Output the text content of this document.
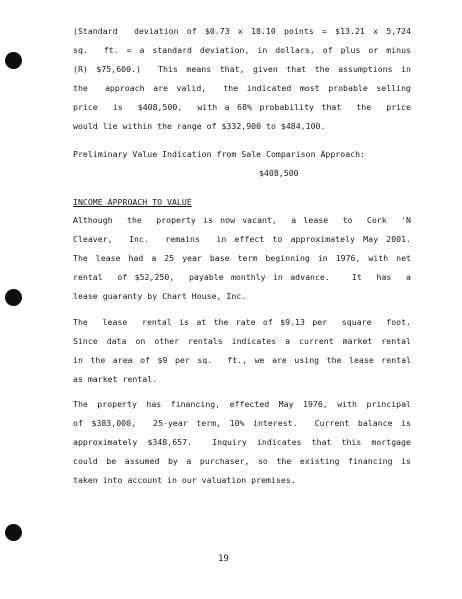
(Standard  deviation of $0.73 x 18.10 points = $13.21 x 5,724
sq.  ft. = a standard deviation, in dollars, of plus or minus
(R) $75,600.)  This means that, given that the assumptions in
the  approach are valid,  the indicated most probable selling
price  is  $408,500,  with a 68% probability that  the  price
would lie within the range of $332,900 to $484,100.
Preliminary Value Indication from Sale Comparison Approach:
$408,500
INCOME APPROACH TO VALUE
Although  the  property is now vacant,  a lease  to  Cork  'N
Cleaver,  Inc.  remains  in effect to approximately May 2001.
The lease had a 25 year base term beginning in 1976, with net
rental  of $52,250,  payable monthly in advance.   It  has  a
lease guaranty by Chart House, Inc.
The  lease  rental is at the rate of $9.13 per  square  foot.
Since data on other rentals indicates a current market rental
in the area of $9 per sq.  ft., we are using the lease rental
as market rental.
The property has financing, effected May 1976, with principal
of $383,000,  25-year term, 10% interest.  Current balance is
approximately $348,657.  Inquiry indicates that this mortgage
could be assumed by a purchaser, so the existing financing is
taken into account in our valuation premises.
19
